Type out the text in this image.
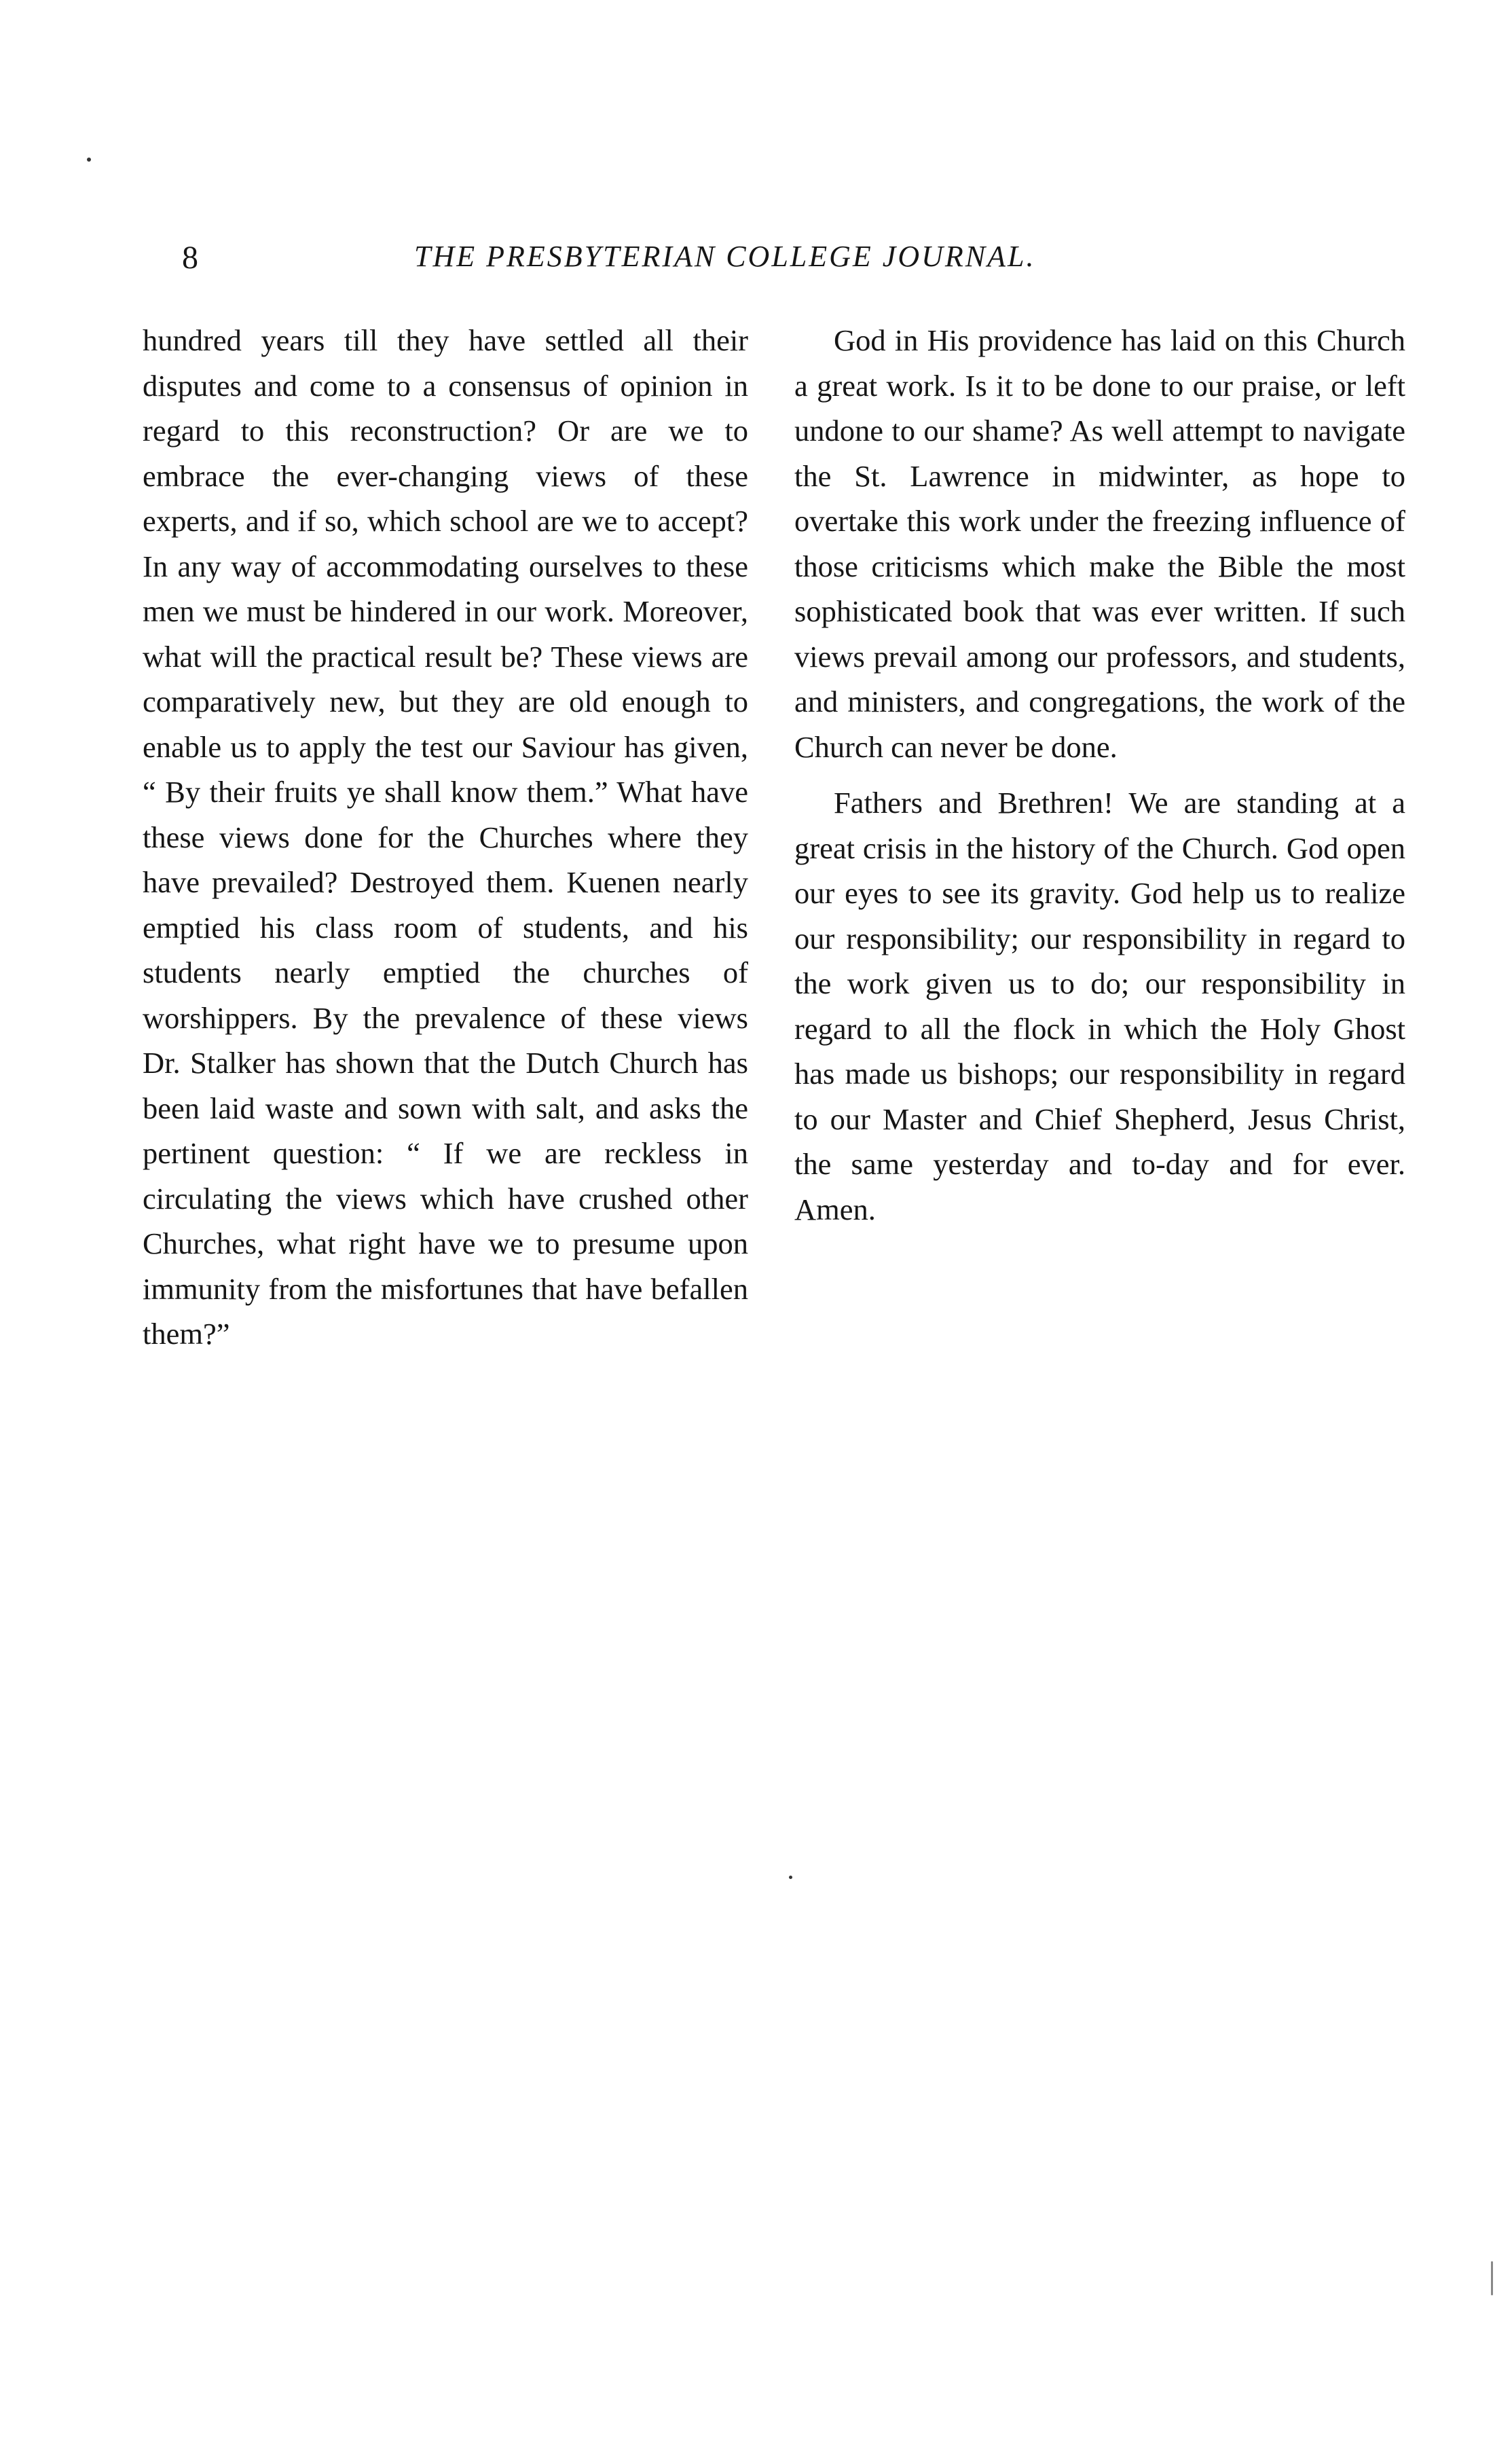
8	THE PRESBYTERIAN COLLEGE JOURNAL.

hundred years till they have settled all their disputes and come to a consensus of opinion in regard to this reconstruction? Or are we to embrace the ever-changing views of these experts, and if so, which school are we to accept? In any way of accommodating ourselves to these men we must be hindered in our work. Moreover, what will the practical result be? These views are comparatively new, but they are old enough to enable us to apply the test our Saviour has given, “ By their fruits ye shall know them.” What have these views done for the Churches where they have prevailed? Destroyed them. Kuenen nearly emptied his class room of students, and his students nearly emptied the churches of worshippers. By the prevalence of these views Dr. Stalker has shown that the Dutch Church has been laid waste and sown with salt, and asks the pertinent question: “ If we are reckless in circulating the views which have crushed other Churches, what right have we to presume upon immunity from the misfortunes that have befallen them?”

God in His providence has laid on this Church a great work. Is it to be done to our praise, or left undone to our shame? As well attempt to navigate the St. Lawrence in midwinter, as hope to overtake this work under the freezing influence of those criticisms which make the Bible the most sophisticated book that was ever written. If such views prevail among our professors, and students, and ministers, and congregations, the work of the Church can never be done.

Fathers and Brethren! We are standing at a great crisis in the history of the Church. God open our eyes to see its gravity. God help us to realize our responsibility; our responsibility in regard to the work given us to do; our responsibility in regard to all the flock in which the Holy Ghost has made us bishops; our responsibility in regard to our Master and Chief Shepherd, Jesus Christ, the same yesterday and to-day and for ever. Amen.
